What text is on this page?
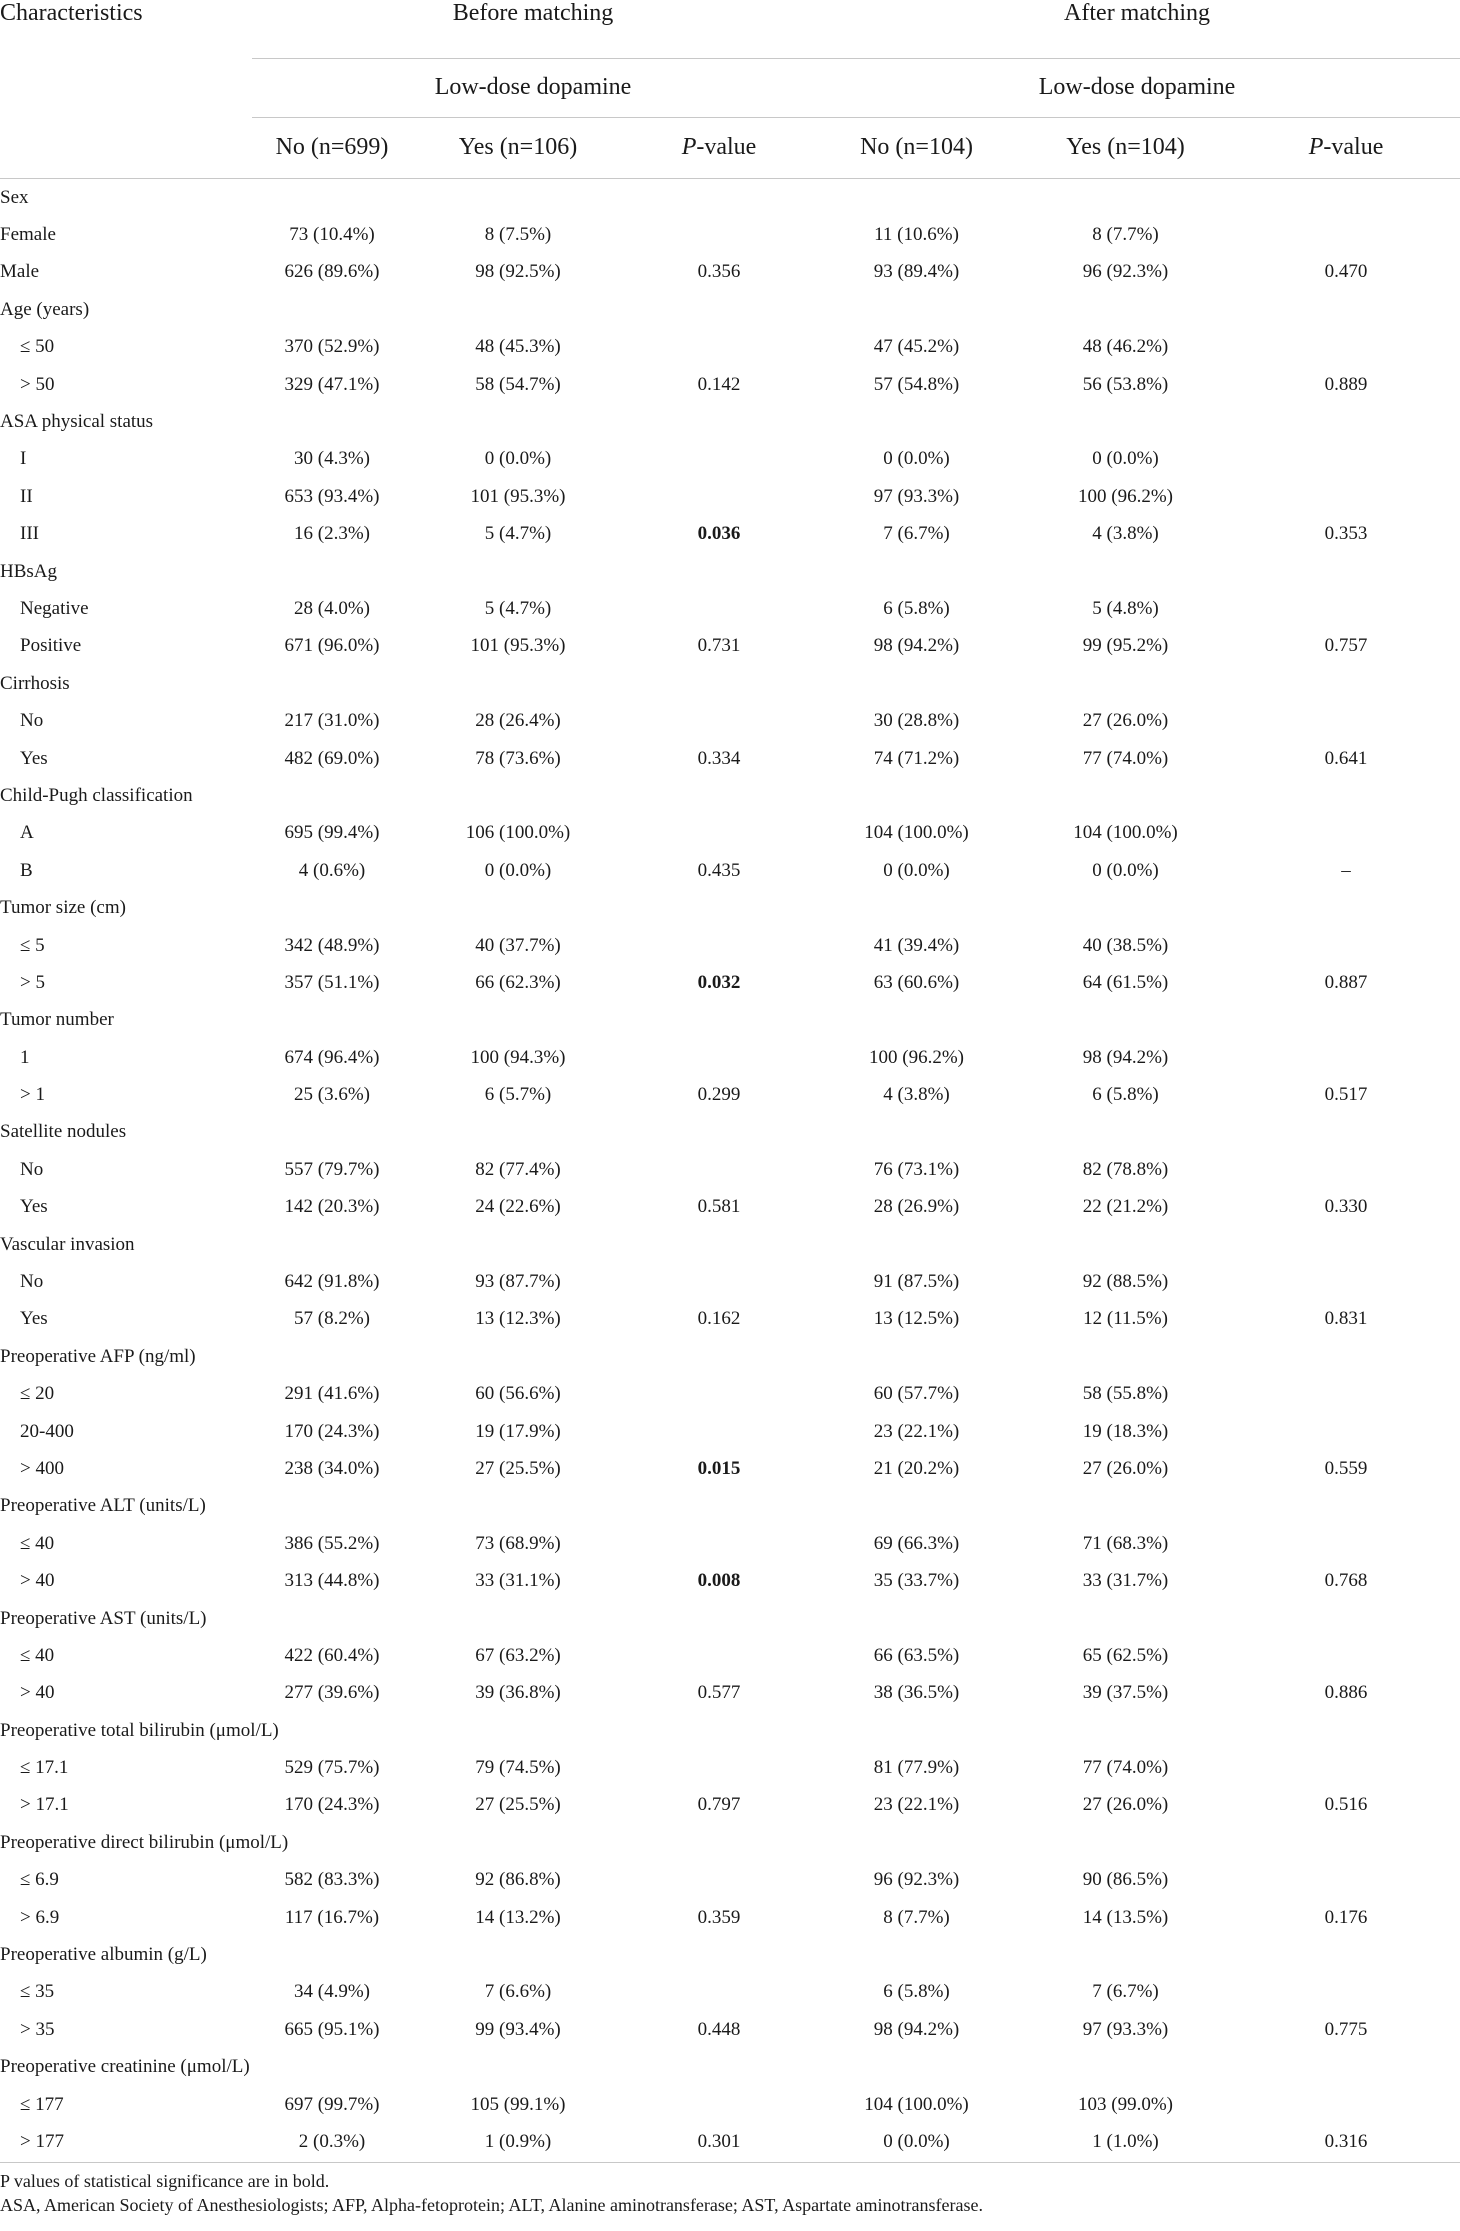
Characteristics	Before matching			After matching		

	Low-dose dopamine			Low-dose dopamine		

	No (n=699)	Yes (n=106)	P-value	No (n=104)	Yes (n=104)	P-value

Sex						
Female	73 (10.4%)	8 (7.5%)		11 (10.6%)	8 (7.7%)	
Male	626 (89.6%)	98 (92.5%)	0.356	93 (89.4%)	96 (92.3%)	0.470
Age (years)						
≤ 50	370 (52.9%)	48 (45.3%)		47 (45.2%)	48 (46.2%)	
> 50	329 (47.1%)	58 (54.7%)	0.142	57 (54.8%)	56 (53.8%)	0.889
ASA physical status						
I	30 (4.3%)	0 (0.0%)		0 (0.0%)	0 (0.0%)	
II	653 (93.4%)	101 (95.3%)		97 (93.3%)	100 (96.2%)	
III	16 (2.3%)	5 (4.7%)	0.036	7 (6.7%)	4 (3.8%)	0.353
HBsAg						
Negative	28 (4.0%)	5 (4.7%)		6 (5.8%)	5 (4.8%)	
Positive	671 (96.0%)	101 (95.3%)	0.731	98 (94.2%)	99 (95.2%)	0.757
Cirrhosis						
No	217 (31.0%)	28 (26.4%)		30 (28.8%)	27 (26.0%)	
Yes	482 (69.0%)	78 (73.6%)	0.334	74 (71.2%)	77 (74.0%)	0.641
Child-Pugh classification						
A	695 (99.4%)	106 (100.0%)		104 (100.0%)	104 (100.0%)	
B	4 (0.6%)	0 (0.0%)	0.435	0 (0.0%)	0 (0.0%)	–
Tumor size (cm)						
≤ 5	342 (48.9%)	40 (37.7%)		41 (39.4%)	40 (38.5%)	
> 5	357 (51.1%)	66 (62.3%)	0.032	63 (60.6%)	64 (61.5%)	0.887
Tumor number						
1	674 (96.4%)	100 (94.3%)		100 (96.2%)	98 (94.2%)	
> 1	25 (3.6%)	6 (5.7%)	0.299	4 (3.8%)	6 (5.8%)	0.517
Satellite nodules						
No	557 (79.7%)	82 (77.4%)		76 (73.1%)	82 (78.8%)	
Yes	142 (20.3%)	24 (22.6%)	0.581	28 (26.9%)	22 (21.2%)	0.330
Vascular invasion						
No	642 (91.8%)	93 (87.7%)		91 (87.5%)	92 (88.5%)	
Yes	57 (8.2%)	13 (12.3%)	0.162	13 (12.5%)	12 (11.5%)	0.831
Preoperative AFP (ng/ml)						
≤ 20	291 (41.6%)	60 (56.6%)		60 (57.7%)	58 (55.8%)	
20-400	170 (24.3%)	19 (17.9%)		23 (22.1%)	19 (18.3%)	
> 400	238 (34.0%)	27 (25.5%)	0.015	21 (20.2%)	27 (26.0%)	0.559
Preoperative ALT (units/L)						
≤ 40	386 (55.2%)	73 (68.9%)		69 (66.3%)	71 (68.3%)	
> 40	313 (44.8%)	33 (31.1%)	0.008	35 (33.7%)	33 (31.7%)	0.768
Preoperative AST (units/L)						
≤ 40	422 (60.4%)	67 (63.2%)		66 (63.5%)	65 (62.5%)	
> 40	277 (39.6%)	39 (36.8%)	0.577	38 (36.5%)	39 (37.5%)	0.886
Preoperative total bilirubin (μmol/L)						
≤ 17.1	529 (75.7%)	79 (74.5%)		81 (77.9%)	77 (74.0%)	
> 17.1	170 (24.3%)	27 (25.5%)	0.797	23 (22.1%)	27 (26.0%)	0.516
Preoperative direct bilirubin (μmol/L)						
≤ 6.9	582 (83.3%)	92 (86.8%)		96 (92.3%)	90 (86.5%)	
> 6.9	117 (16.7%)	14 (13.2%)	0.359	8 (7.7%)	14 (13.5%)	0.176
Preoperative albumin (g/L)						
≤ 35	34 (4.9%)	7 (6.6%)		6 (5.8%)	7 (6.7%)	
> 35	665 (95.1%)	99 (93.4%)	0.448	98 (94.2%)	97 (93.3%)	0.775
Preoperative creatinine (μmol/L)						
≤ 177	697 (99.7%)	105 (99.1%)		104 (100.0%)	103 (99.0%)	
> 177	2 (0.3%)	1 (0.9%)	0.301	0 (0.0%)	1 (1.0%)	0.316

P values of statistical significance are in bold.
ASA, American Society of Anesthesiologists; AFP, Alpha-fetoprotein; ALT, Alanine aminotransferase; AST, Aspartate aminotransferase.
